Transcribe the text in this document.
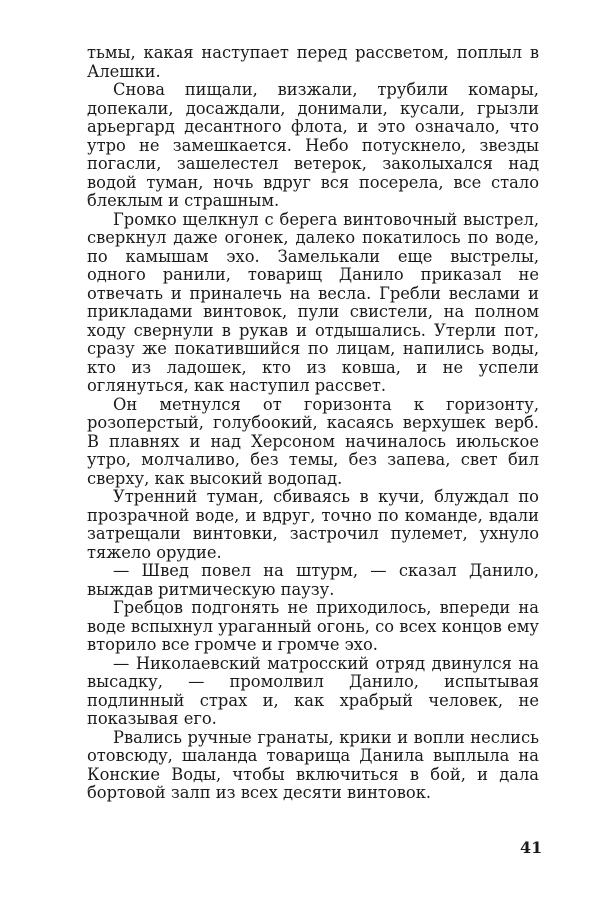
тьмы, какая наступает перед рассветом, поплыл в Алешки.

Снова пищали, визжали, трубили комары, допекали, досаждали, донимали, кусали, грызли арьергард десантного флота, и это означало, что утро не замешкается. Небо потускнело, звезды погасли, зашелестел ветерок, заколыхался над водой туман, ночь вдруг вся посерела, все стало блеклым и страшным.

Громко щелкнул с берега винтовочный выстрел, сверкнул даже огонек, далеко покатилось по воде, по камышам эхо. Замелькали еще выстрелы, одного ранили, товарищ Данило приказал не отвечать и приналечь на весла. Гребли веслами и прикладами винтовок, пули свистели, на полном ходу свернули в рукав и отдышались. Утерли пот, сразу же покатившийся по лицам, напились воды, кто из ладошек, кто из ковша, и не успели оглянуться, как наступил рассвет.

Он метнулся от горизонта к горизонту, розоперстый, голубоокий, касаясь верхушек верб. В плавнях и над Херсоном начиналось июльское утро, молчаливо, без темы, без запева, свет бил сверху, как высокий водопад.

Утренний туман, сбиваясь в кучи, блуждал по прозрачной воде, и вдруг, точно по команде, вдали затрещали винтовки, застрочил пулемет, ухнуло тяжело орудие.

— Швед повел на штурм, — сказал Данило, выждав ритмическую паузу.

Гребцов подгонять не приходилось, впереди на воде вспыхнул ураганный огонь, со всех концов ему вторило все громче и громче эхо.

— Николаевский матросский отряд двинулся на высадку, — промолвил Данило, испытывая подлинный страх и, как храбрый человек, не показывая его.

Рвались ручные гранаты, крики и вопли неслись отовсюду, шаланда товарища Данила выплыла на Конские Воды, чтобы включиться в бой, и дала бортовой залп из всех десяти винтовок.

41
